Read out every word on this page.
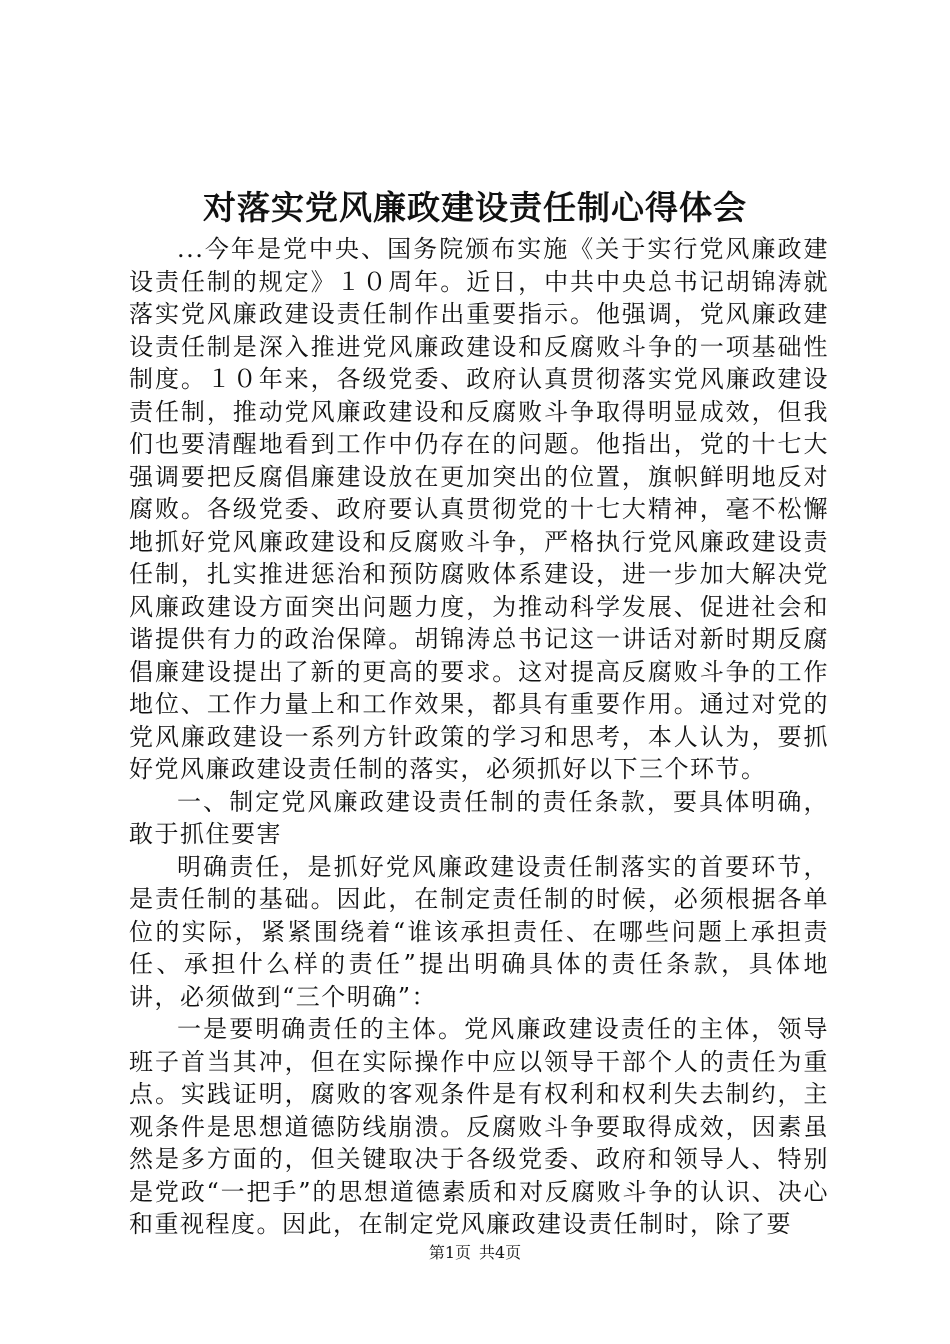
对落实党风廉政建设责任制心得体会

...今年是党中央、国务院颁布实施《关于实行党风廉政建设责任制的规定》１０周年。近日，中共中央总书记胡锦涛就落实党风廉政建设责任制作出重要指示。他强调，党风廉政建设责任制是深入推进党风廉政建设和反腐败斗争的一项基础性制度。１０年来，各级党委、政府认真贯彻落实党风廉政建设责任制，推动党风廉政建设和反腐败斗争取得明显成效，但我们也要清醒地看到工作中仍存在的问题。他指出，党的十七大强调要把反腐倡廉建设放在更加突出的位置，旗帜鲜明地反对腐败。各级党委、政府要认真贯彻党的十七大精神，毫不松懈地抓好党风廉政建设和反腐败斗争，严格执行党风廉政建设责任制，扎实推进惩治和预防腐败体系建设，进一步加大解决党风廉政建设方面突出问题力度，为推动科学发展、促进社会和谐提供有力的政治保障。胡锦涛总书记这一讲话对新时期反腐倡廉建设提出了新的更高的要求。这对提高反腐败斗争的工作地位、工作力量上和工作效果，都具有重要作用。通过对党的党风廉政建设一系列方针政策的学习和思考，本人认为，要抓好党风廉政建设责任制的落实，必须抓好以下三个环节。

一、制定党风廉政建设责任制的责任条款，要具体明确，敢于抓住要害

明确责任，是抓好党风廉政建设责任制落实的首要环节，是责任制的基础。因此，在制定责任制的时候，必须根据各单位的实际，紧紧围绕着“谁该承担责任、在哪些问题上承担责任、承担什么样的责任”提出明确具体的责任条款，具体地讲，必须做到“三个明确”：

一是要明确责任的主体。党风廉政建设责任的主体，领导班子首当其冲，但在实际操作中应以领导干部个人的责任为重点。实践证明，腐败的客观条件是有权利和权利失去制约，主观条件是思想道德防线崩溃。反腐败斗争要取得成效，因素虽然是多方面的，但关键取决于各级党委、政府和领导人、特别是党政“一把手”的思想道德素质和对反腐败斗争的认识、决心和重视程度。因此，在制定党风廉政建设责任制时，除了要

第1页 共4页
